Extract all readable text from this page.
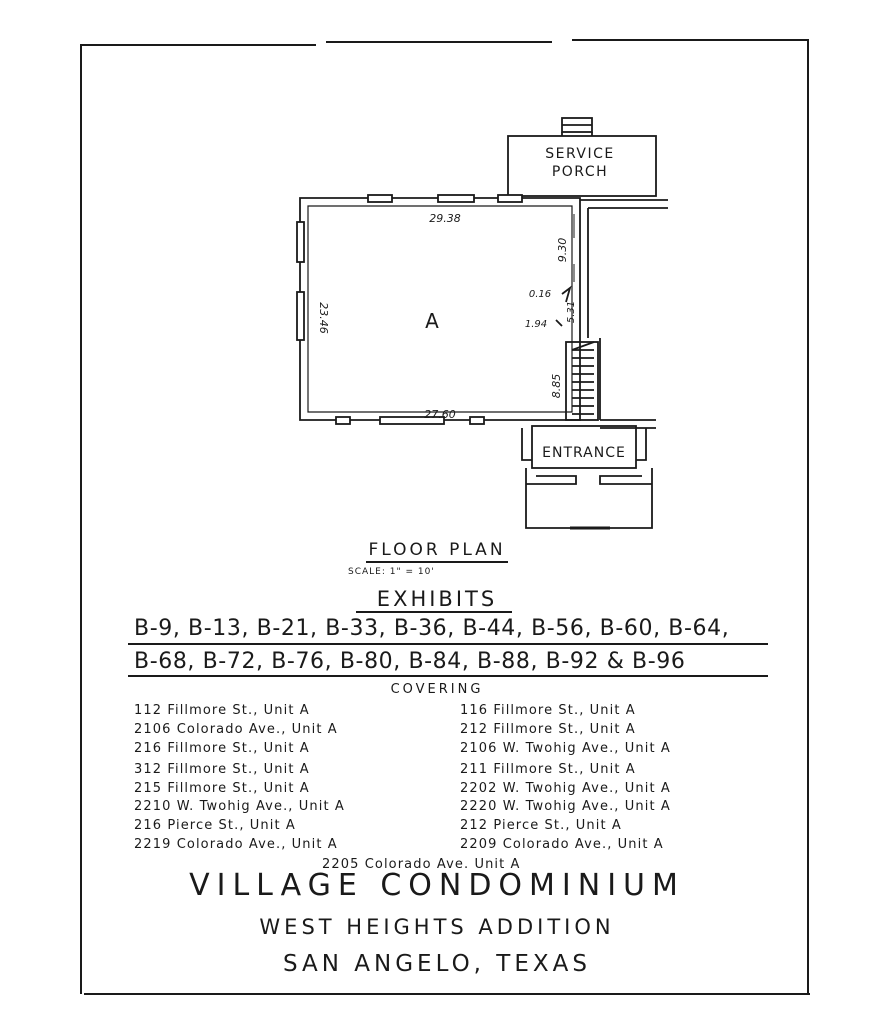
SERVICE
PORCH
A
ENTRANCE
29.38
27.60
23.46
9.30
5.31
8.85
0.16
1.94
FLOOR PLAN
SCALE: 1" = 10'
EXHIBITS
B-9, B-13, B-21, B-33, B-36, B-44, B-56, B-60, B-64,
B-68, B-72, B-76, B-80, B-84, B-88, B-92 & B-96
COVERING
112 Fillmore St., Unit A
2106 Colorado Ave., Unit A
216 Fillmore St., Unit A
312 Fillmore St., Unit A
215 Fillmore St., Unit A
2210 W. Twohig Ave., Unit A
216 Pierce St., Unit A
2219 Colorado Ave., Unit A
116 Fillmore St., Unit A
212 Fillmore St., Unit A
2106 W. Twohig Ave., Unit A
211 Fillmore St., Unit A
2202 W. Twohig Ave., Unit A
2220 W. Twohig Ave., Unit A
212 Pierce St., Unit A
2209 Colorado Ave., Unit A
2205 Colorado Ave. Unit A
VILLAGE CONDOMINIUM
WEST HEIGHTS ADDITION
SAN ANGELO, TEXAS
